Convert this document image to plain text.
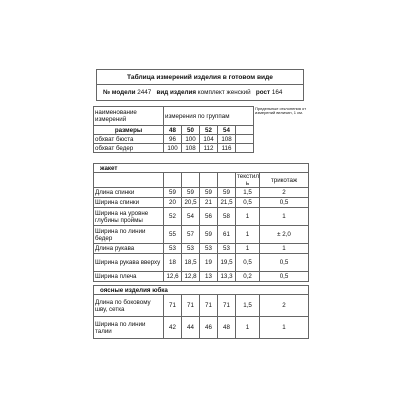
Таблица измерений изделия в готовом виде
№ модели 2447 вид изделия комплект женский рост 164
наименование измерений	измерения по группам					Предельные отклонения от измерений величин, 1 см.
размеры	48	50	52	54		
обхват бюста	96	100	104	108		
обхват бедер	100	108	112	116		
жакет						
					текстил ь	трикотаж
Длина спинки	59	59	59	59	1,5	2
Ширина спинки	20	20,5	21	21,5	0,5	0,5
Ширина на уровне глубины проймы	52	54	56	58	1	1
Ширина по линии бедер	55	57	59	61	1	± 2,0
Длина рукава	53	53	53	53	1	1
Ширина рукава вверху	18	18,5	19	19,5	0,5	0,5
Ширина плеча	12,6	12,8	13	13,3	0,2	0,5
оясные изделия юбка						
Длина по боковому шву, сетка	71	71	71	71	1,5	2
Ширина по линии талии	42	44	46	48	1	1
